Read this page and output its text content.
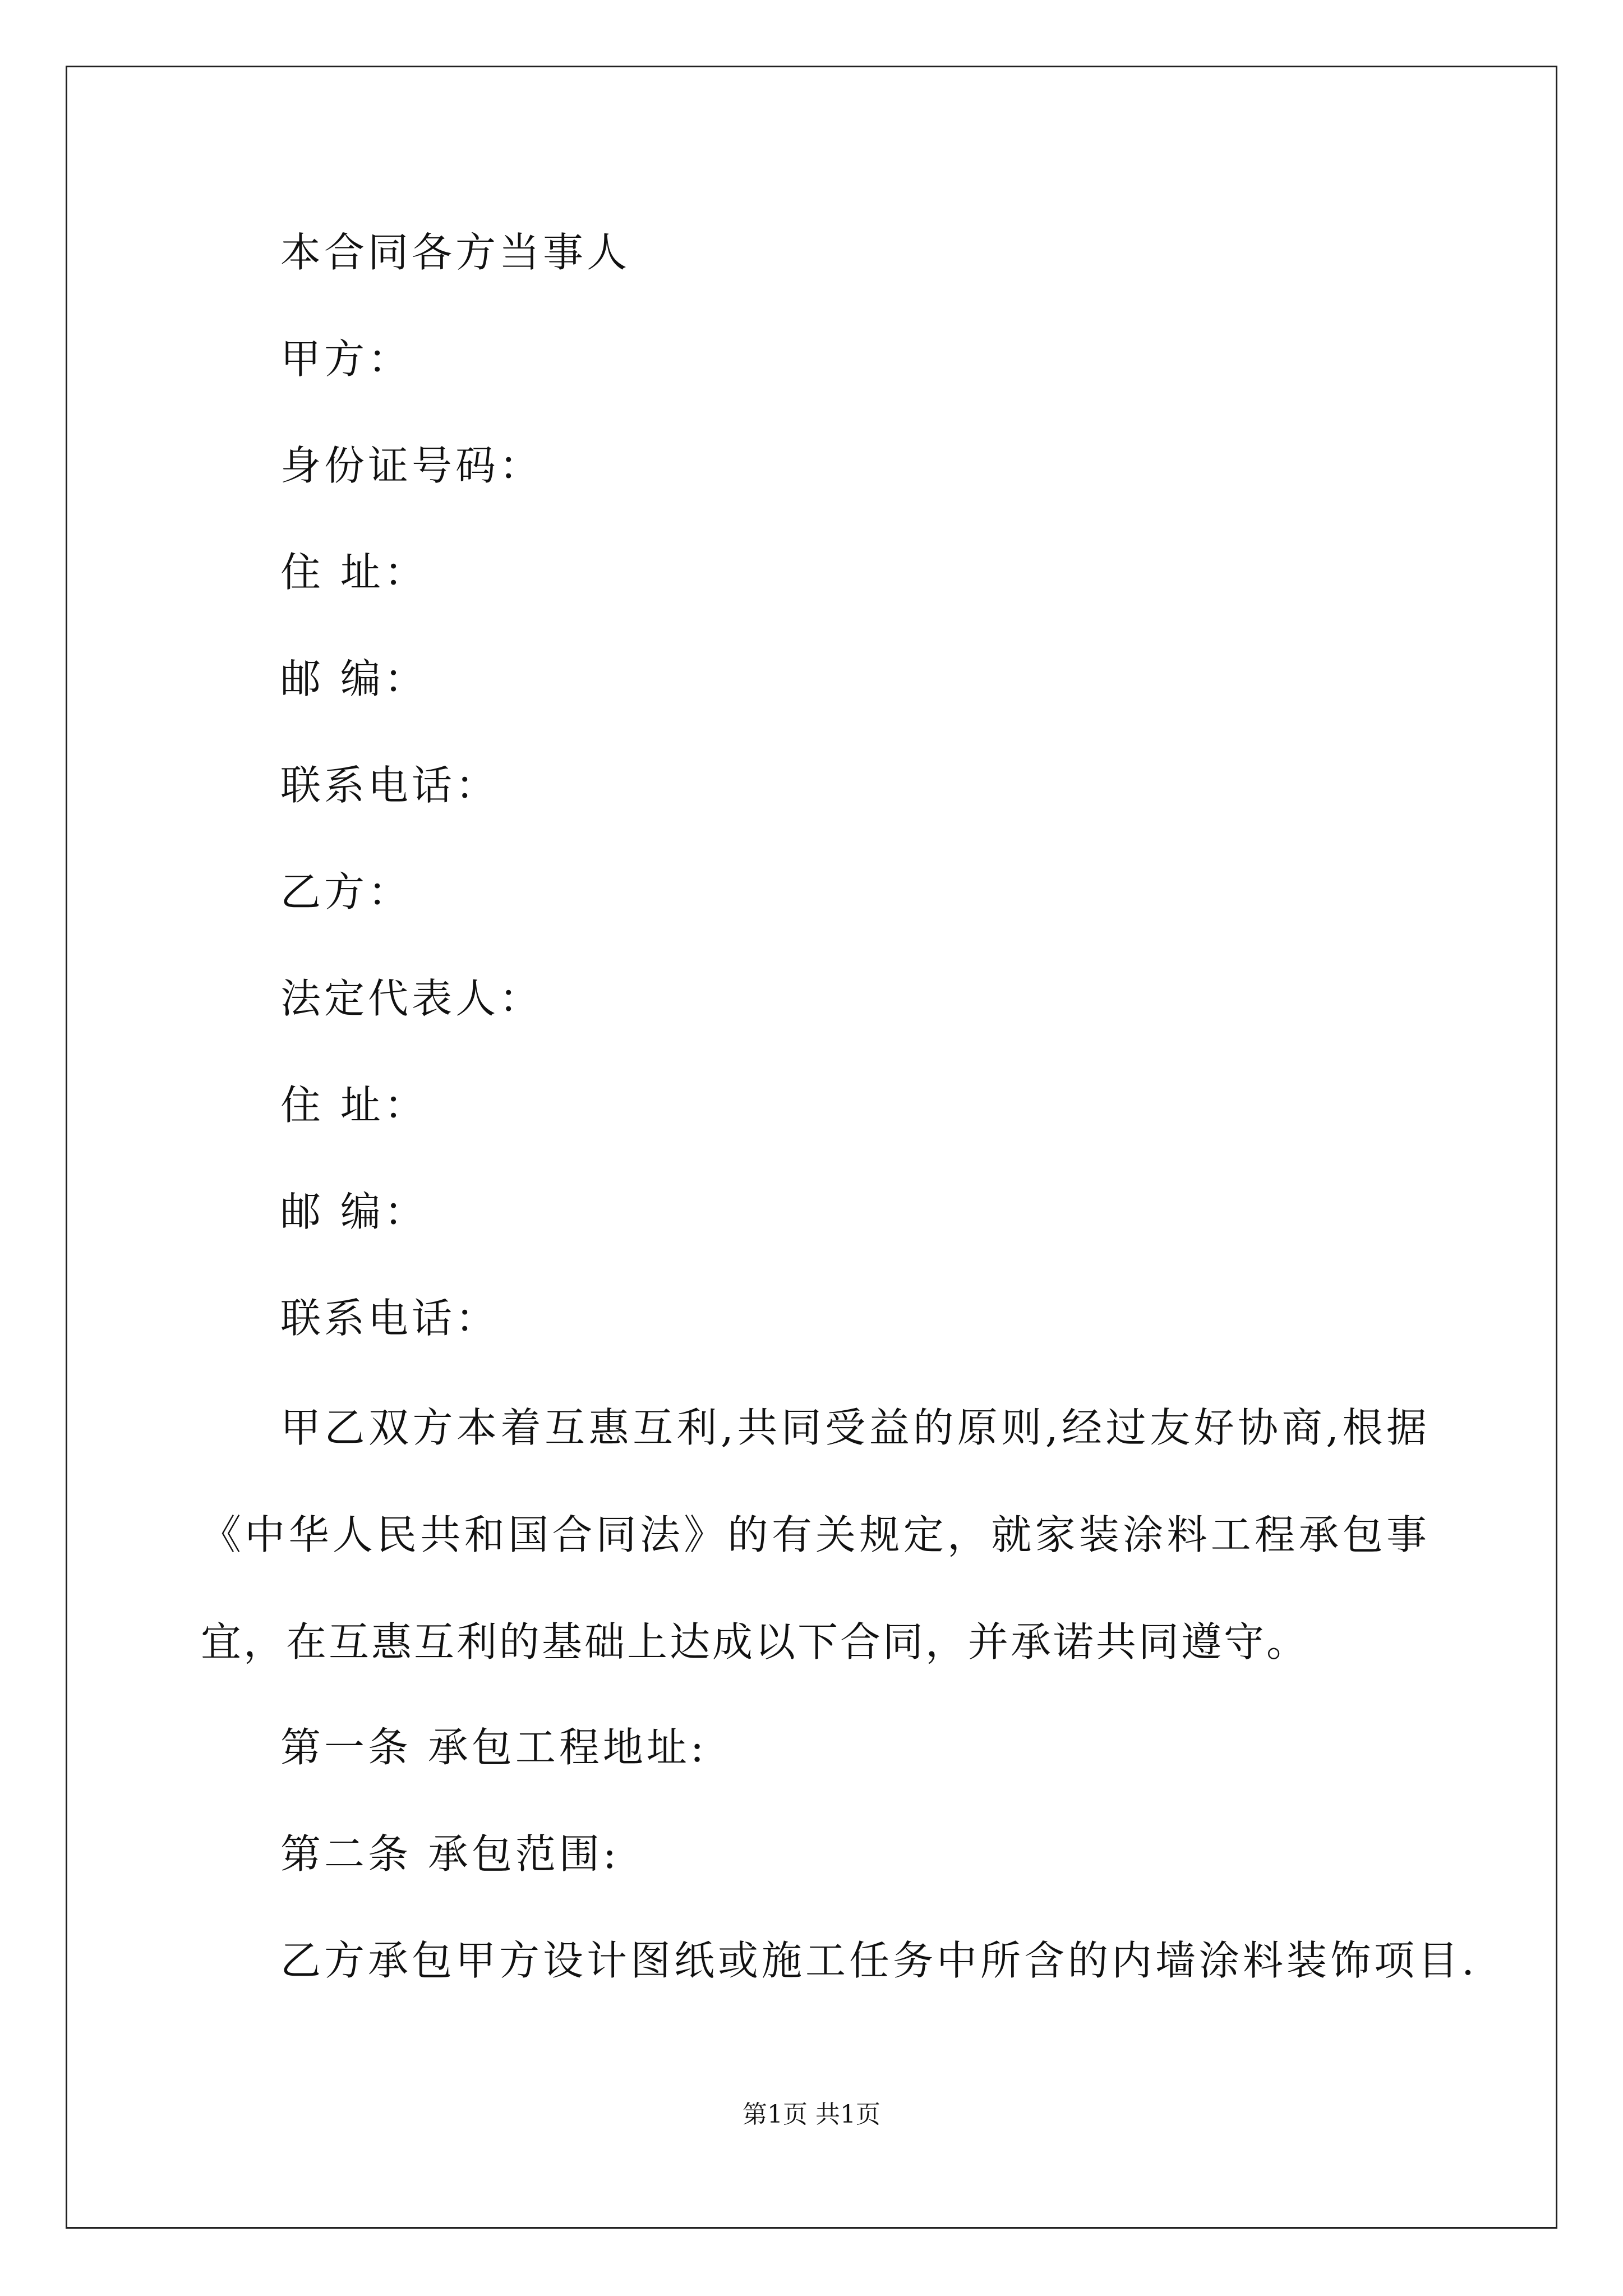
本合同各方当事人
甲方：
身份证号码：
住 址：
邮 编：
联系电话：
乙方：
法定代表人：
住 址：
邮 编：
联系电话：
甲乙双方本着互惠互利,共同受益的原则,经过友好协商,根据《中华人民共和国合同法》的有关规定，就家装涂料工程承包事宜，在互惠互利的基础上达成以下合同，并承诺共同遵守。
第一条 承包工程地址:
第二条 承包范围:
乙方承包甲方设计图纸或施工任务中所含的内墙涂料装饰项目.
第1页 共1页
